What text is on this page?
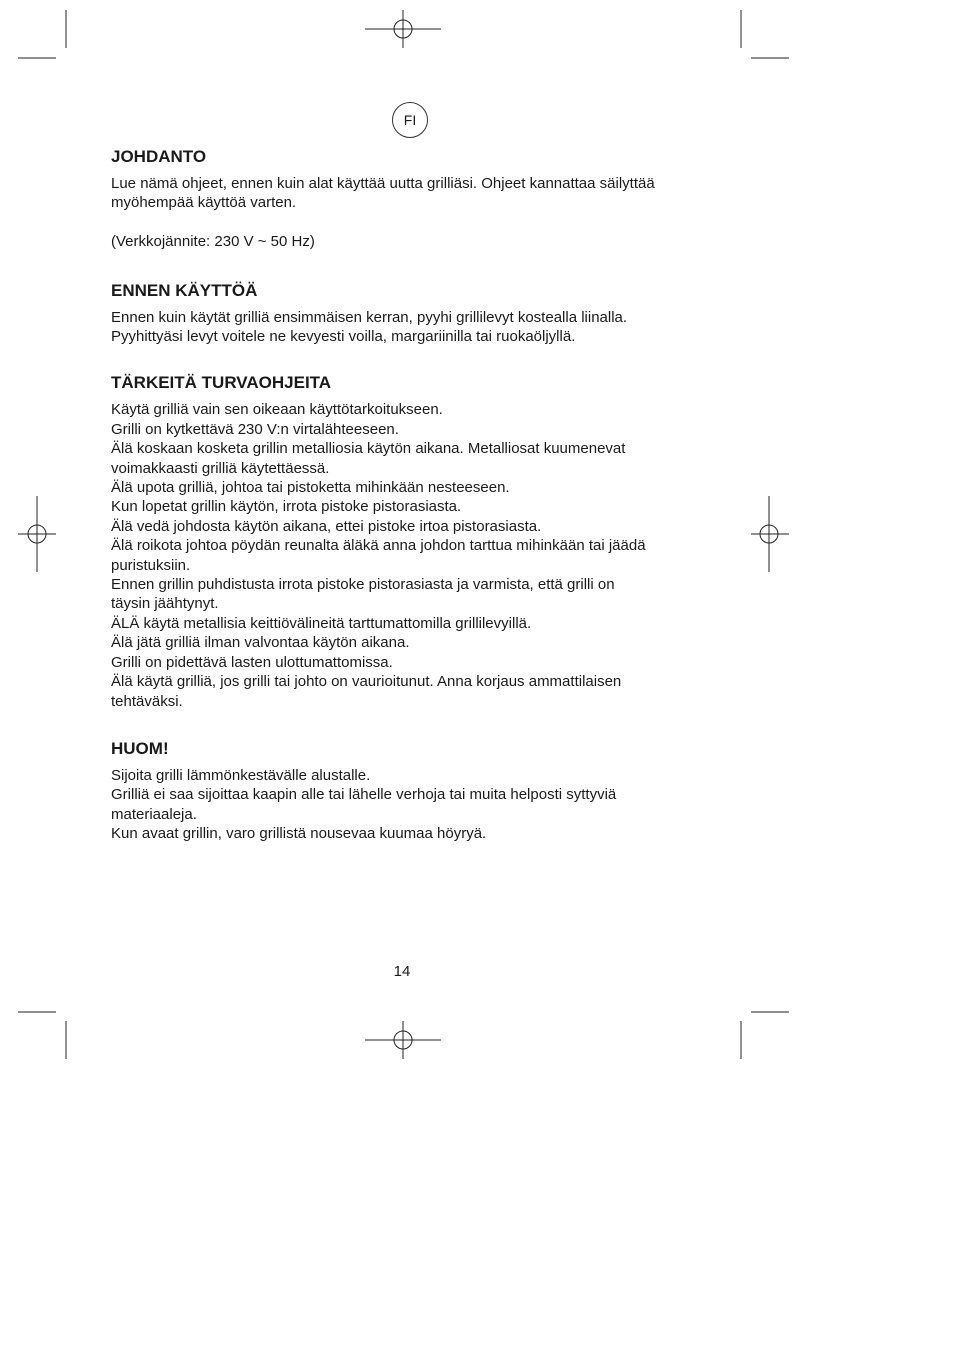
FI
JOHDANTO

Lue nämä ohjeet, ennen kuin alat käyttää uutta grilliäsi. Ohjeet kannattaa säilyttää
myöhempää käyttöä varten.

(Verkkojännite: 230 V ~ 50 Hz)

ENNEN KÄYTTÖÄ

Ennen kuin käytät grilliä ensimmäisen kerran, pyyhi grillilevyt kostealla liinalla.
Pyyhittyäsi levyt voitele ne kevyesti voilla, margariinilla tai ruokaöljyllä.

TÄRKEITÄ TURVAOHJEITA

Käytä grilliä vain sen oikeaan käyttötarkoitukseen.
Grilli on kytkettävä 230 V:n virtalähteeseen.
Älä koskaan kosketa grillin metalliosia käytön aikana. Metalliosat kuumenevat
voimakkaasti grilliä käytettäessä.
Älä upota grilliä, johtoa tai pistoketta mihinkään nesteeseen.
Kun lopetat grillin käytön, irrota pistoke pistorasiasta.
Älä vedä johdosta käytön aikana, ettei pistoke irtoa pistorasiasta.
Älä roikota johtoa pöydän reunalta äläkä anna johdon tarttua mihinkään tai jäädä
puristuksiin.
Ennen grillin puhdistusta irrota pistoke pistorasiasta ja varmista, että grilli on
täysin jäähtynyt.
ÄLÄ käytä metallisia keittiövälineitä tarttumattomilla grillilevyillä.
Älä jätä grilliä ilman valvontaa käytön aikana.
Grilli on pidettävä lasten ulottumattomissa.
Älä käytä grilliä, jos grilli tai johto on vaurioitunut. Anna korjaus ammattilaisen
tehtäväksi.

HUOM!

Sijoita grilli lämmönkestävälle alustalle.
Grilliä ei saa sijoittaa kaapin alle tai lähelle verhoja tai muita helposti syttyviä
materiaaleja.
Kun avaat grillin, varo grillistä nousevaa kuumaa höyryä.

14
